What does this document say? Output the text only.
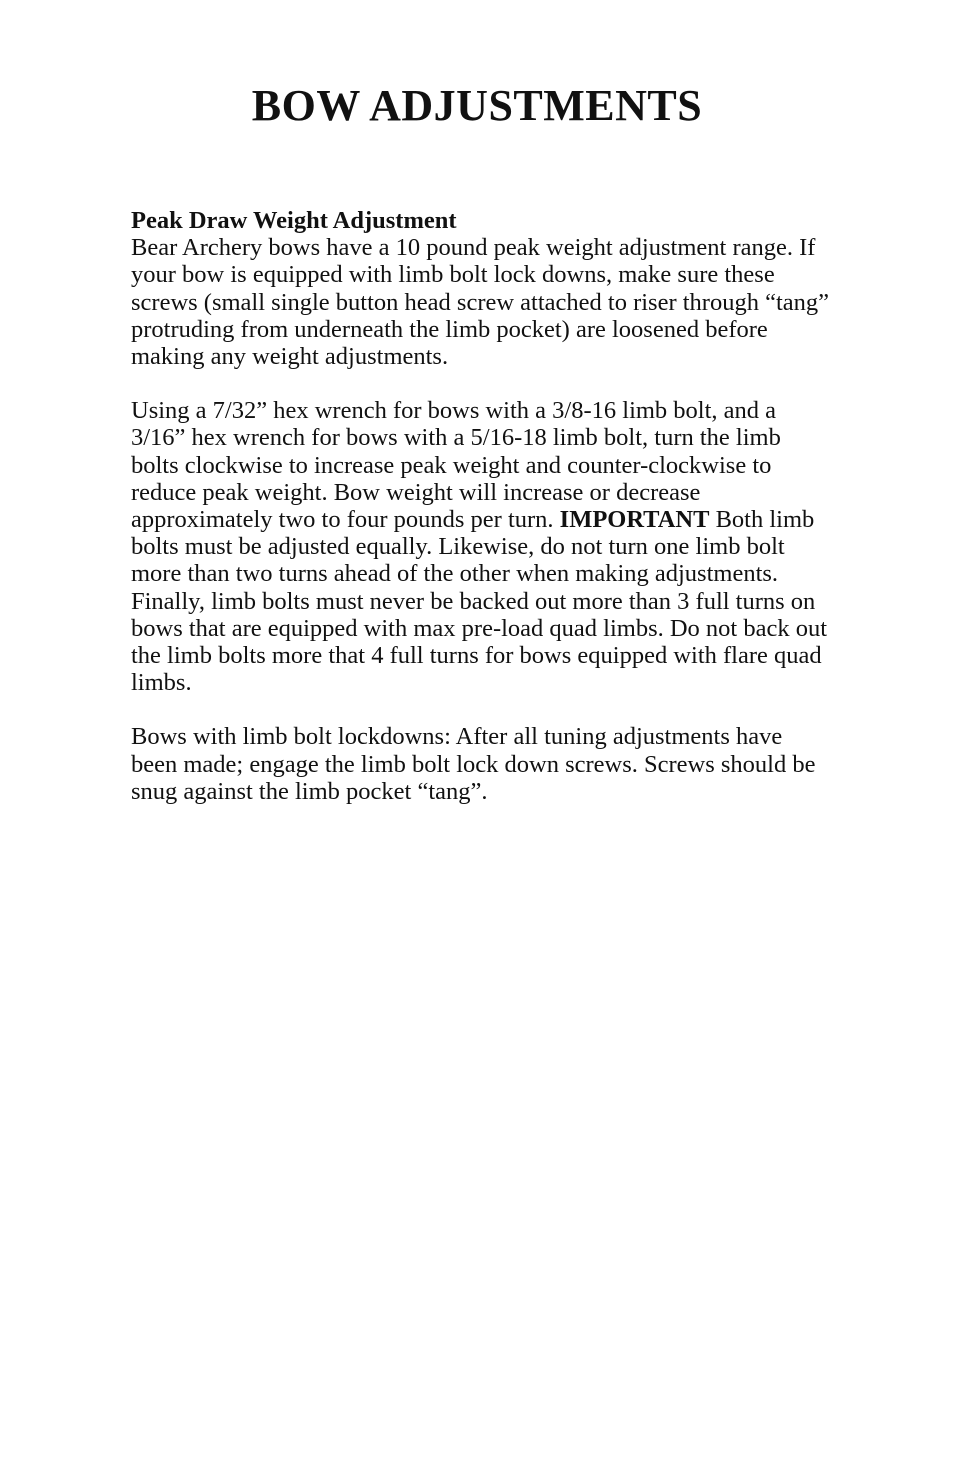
BOW ADJUSTMENTS

Peak Draw Weight Adjustment

Bear Archery bows have a 10 pound peak weight adjustment range. If your bow is equipped with limb bolt lock downs, make sure these screws (small single button head screw attached to riser through “tang” protruding from underneath the limb pocket) are loosened before making any weight adjustments.

Using a 7/32” hex wrench for bows with a 3/8-16 limb bolt, and a 3/16” hex wrench for bows with a 5/16-18 limb bolt, turn the limb bolts clockwise to increase peak weight and counter-clockwise to reduce peak weight. Bow weight will increase or decrease approximately two to four pounds per turn. IMPORTANT Both limb bolts must be adjusted equally. Likewise, do not turn one limb bolt more than two turns ahead of the other when making adjustments. Finally, limb bolts must never be backed out more than 3 full turns on bows that are equipped with max pre-load quad limbs. Do not back out the limb bolts more that 4 full turns for bows equipped with flare quad limbs.

Bows with limb bolt lockdowns: After all tuning adjustments have been made; engage the limb bolt lock down screws. Screws should be snug against the limb pocket “tang”.
